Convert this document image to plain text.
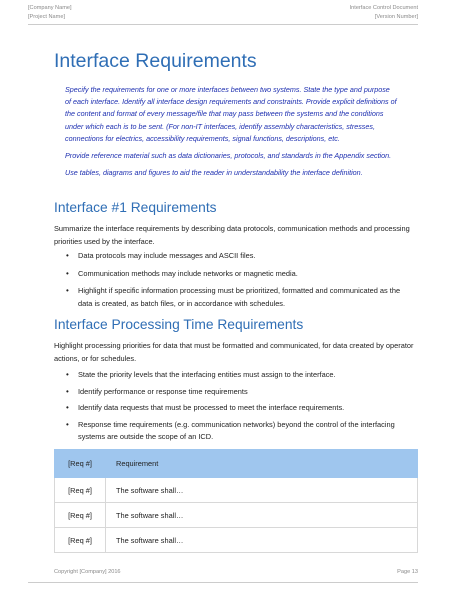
[Company Name]
[Project Name]
Interface Control Document
[Version Number]
Interface Requirements

Specify the requirements for one or more interfaces between two systems. State the type and purpose of each interface. Identify all interface design requirements and constraints. Provide explicit definitions of the content and format of every message/file that may pass between the systems and the conditions under which each is to be sent. (For non-IT interfaces, identify assembly characteristics, stresses, connections for electrics, accessibility requirements, signal functions, descriptions, etc.

Provide reference material such as data dictionaries, protocols, and standards in the Appendix section.

Use tables, diagrams and figures to aid the reader in understandability the interface definition.

Interface #1 Requirements
Summarize the interface requirements by describing data protocols, communication methods and processing priorities used by the interface.
• Data protocols may include messages and ASCII files.
• Communication methods may include networks or magnetic media.
• Highlight if specific information processing must be prioritized, formatted and communicated as the data is created, as batch files, or in accordance with schedules.
Interface Processing Time Requirements
Highlight processing priorities for data that must be formatted and communicated, for data created by operator actions, or for schedules.
• State the priority levels that the interfacing entities must assign to the interface.
• Identify performance or response time requirements
• Identify data requests that must be processed to meet the interface requirements.
• Response time requirements (e.g. communication networks) beyond the control of the interfacing systems are outside the scope of an ICD.
[Req #]	Requirement
[Req #]	The software shall…
[Req #]	The software shall…
[Req #]	The software shall…
Copyright [Company] 2016	Page 13
